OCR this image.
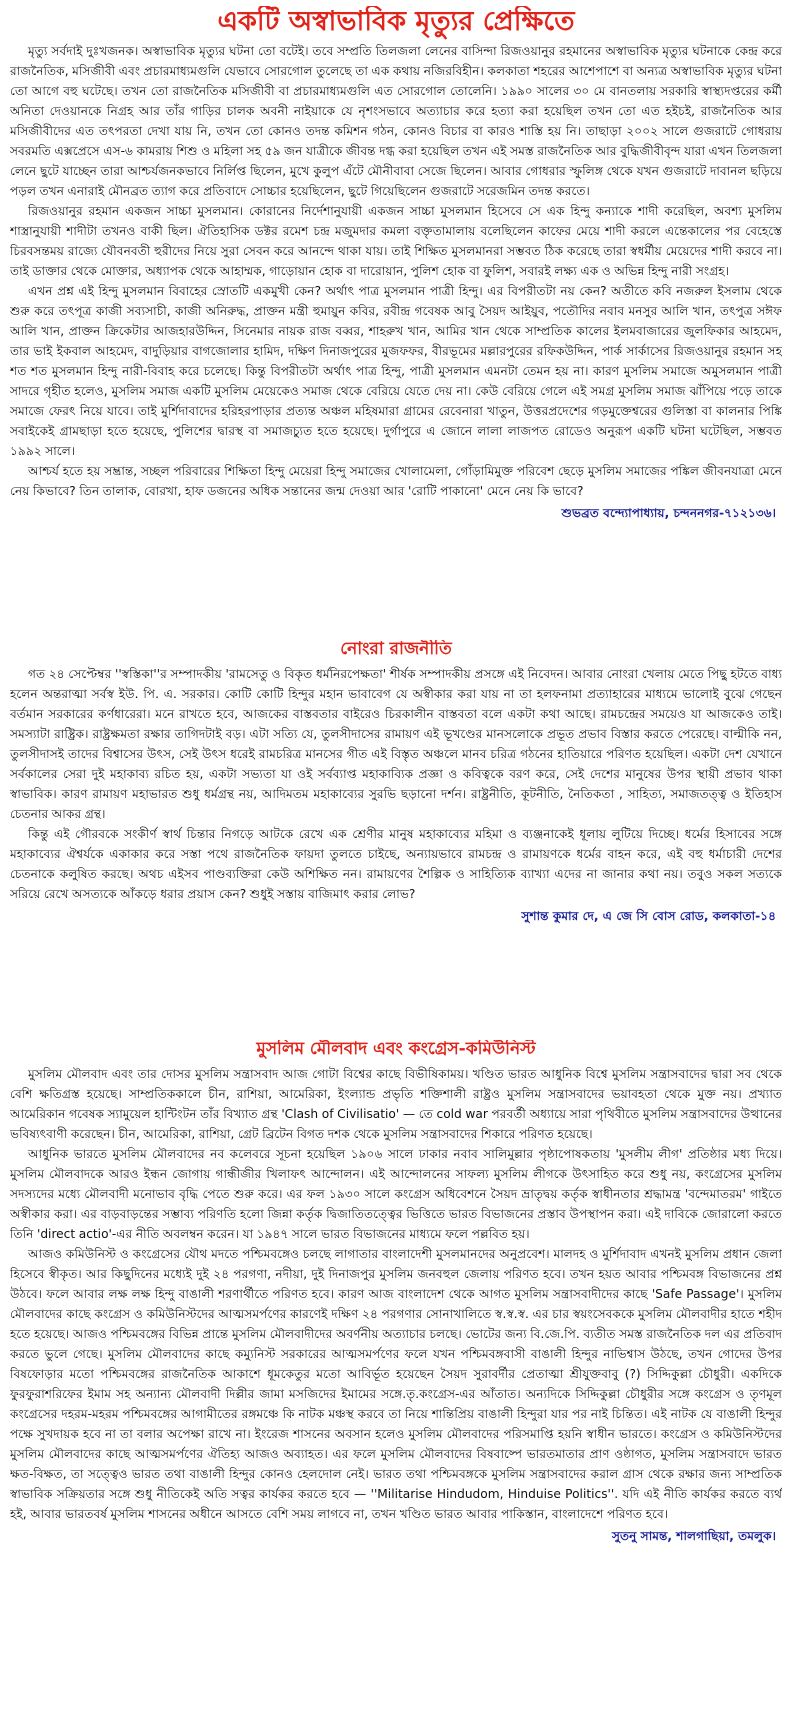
একটি অস্বাভাবিক মৃত্যুর প্রেক্ষিতে

মৃত্যু সর্বদাই দুঃখজনক। অস্বাভাবিক মৃত্যুর ঘটনা তো বটেই। তবে সম্প্রতি তিলজলা লেনের বাসিন্দা রিজওয়ানুর রহমানের অস্বাভাবিক মৃত্যুর ঘটনাকে কেন্দ্র করে রাজনৈতিক, মসিজীবী এবং প্রচারমাধ্যমগুলি যেভাবে সোরগোল তুলেছে তা এক কথায় নজিরবিহীন। কলকাতা শহরের আশেপাশে বা অন্যত্র অস্বাভাবিক মৃত্যুর ঘটনা তো আগে বহু ঘটেছে। তখন তো রাজনৈতিক মসিজীবী বা প্রচারমাধ্যমগুলি এত সোরগোল তোলেনি। ১৯৯০ সালের ৩০ মে বানতলায় সরকারি স্বাস্থ্যদপ্তরের কর্মী অনিতা দেওয়ানকে নিগ্রহ আর তাঁর গাড়ির চালক অবনী নাইয়াকে যে নৃশংসভাবে অত্যাচার করে হত্যা করা হয়েছিল তখন তো এত হইচই, রাজনৈতিক আর মসিজীবীদের এত তৎপরতা দেখা যায় নি, তখন তো কোনও তদন্ত কমিশন গঠন, কোনও বিচার বা কারও শাস্তি হয় নি। তাছাড়া ২০০২ সালে গুজরাটে গোধরায় সবরমতি এক্সপ্রেসে এস-৬ কামরায় শিশু ও মহিলা সহ ৫৯ জন যাত্রীকে জীবন্ত দগ্ধ করা হয়েছিল তখন এই সমস্ত রাজনৈতিক আর বুদ্ধিজীবীবৃন্দ যারা এখন তিলজলা লেনে ছুটে যাচ্ছেন তারা আশ্চর্যজনকভাবে নির্লিপ্ত ছিলেন, মুখে কুলুপ এঁটে মৌনীবাবা সেজে ছিলেন। আবার গোধরার স্ফুলিঙ্গ থেকে যখন গুজরাটে দাবানল ছড়িয়ে পড়ল তখন এনারাই মৌনব্রত ত্যাগ করে প্রতিবাদে সোচ্চার হয়েছিলেন, ছুটে গিয়েছিলেন গুজরাটে সরেজমিন তদন্ত করতে।

রিজওয়ানুর রহমান একজন সাচ্চা মুসলমান। কোরানের নির্দেশানুযায়ী একজন সাচ্চা মুসলমান হিসেবে সে এক হিন্দু কন্যাকে শাদী করেছিল, অবশ্য মুসলিম শাস্ত্রানুযায়ী শাদীটা তখনও বাকী ছিল। ঐতিহাসিক ডক্টর রমেশ চন্দ্র মজুমদার কমলা বক্তৃতামালায় বলেছিলেন কাফের মেয়ে শাদী করলে এন্তেকালের পর বেহেস্তে চিরবসন্তময় রাজ্যে যৌবনবতী হুরীদের নিয়ে সুরা সেবন করে আনন্দে থাকা যায়। তাই শিক্ষিত মুসলমানরা সম্ভবত ঠিক করেছে তারা স্বধর্মীয় মেয়েদের শাদী করবে না। তাই ডাক্তার থেকে মোক্তার, অধ্যাপক থেকে আহাম্মক, গাড়োয়ান হোক বা দারোয়ান, পুলিশ হোক বা ফুলিশ, সবারই লক্ষ্য এক ও অভিন্ন হিন্দু নারী সংগ্রহ।

এখন প্রশ্ন এই হিন্দু মুসলমান বিবাহের স্রোতটি একমুখী কেন? অর্থাৎ পাত্র মুসলমান পাত্রী হিন্দু। এর বিপরীতটা নয় কেন? অতীতে কবি নজরুল ইসলাম থেকে শুরু করে তৎপূত্র কাজী সব্যসাচী, কাজী অনিরুদ্ধ, প্রাক্তন মন্ত্রী হুমায়ুন কবির, রবীন্দ্র গবেষক আবু সৈয়দ আইয়ুব, পতৌদির নবাব মনসুর আলি খান, তৎপুত্র সঈফ আলি খান, প্রাক্তন ক্রিকেটার আজহারউদ্দিন, সিনেমার নায়ক রাজ বব্বর, শাহরুখ খান, আমির খান থেকে সাম্প্রতিক কালের ইলমবাজারের জুলফিকার আহমেদ, তার ভাই ইকবাল আহমেদ, বাদুড়িয়ার বাগজোলার হামিদ, দক্ষিণ দিনাজপুরের মুজফফর, বীরভূমের মল্লারপুরের রফিকউদ্দিন, পার্ক সার্কাসের রিজওয়ানুর রহমান সহ শত শত মুসলমান হিন্দু নারী-বিবাহ করে চলেছে। কিন্তু বিপরীতটা অর্থাৎ পাত্র হিন্দু, পাত্রী মুসলমান এমনটা তেমন হয় না। কারণ মুসলিম সমাজে অমুসলমান পাত্রী সাদরে গৃহীত হলেও, মুসলিম সমাজ একটি মুসলিম মেয়েকেও সমাজ থেকে বেরিয়ে যেতে দেয় না। কেউ বেরিয়ে গেলে এই সমগ্র মুসলিম সমাজ ঝাঁপিয়ে পড়ে তাকে সমাজে ফেরৎ নিয়ে যাবে। তাই মুর্শিদাবাদের হরিহরপাড়ার প্রত্যন্ত অঞ্চল মহিষমারা গ্রামের রেবেনারা খাতুন, উত্তরপ্রদেশের গড়মুক্তেশ্বরের গুলিস্তা বা কালনার পিঙ্কি সবাইকেই গ্রামছাড়া হতে হয়েছে, পুলিশের দ্বারস্থ বা সমাজচ্যুত হতে হয়েছে। দুর্গাপুরে এ জোনে লালা লাজপত রোডেও অনুরূপ একটি ঘটনা ঘটেছিল, সম্ভবত ১৯৯২ সালে।

আশ্চর্য হতে হয় সম্ভ্রান্ত, সচ্ছল পরিবারের শিক্ষিতা হিন্দু মেয়েরা হিন্দু সমাজের খোলামেলা, গোঁড়ামিমুক্ত পরিবেশ ছেড়ে মুসলিম সমাজের পঙ্কিল জীবনযাত্রা মেনে নেয় কিভাবে? তিন তালাক, বোরখা, হাফ ডজনের অধিক সন্তানের জন্ম দেওয়া আর 'রোটি পাকানো' মেনে নেয় কি ভাবে?

শুভব্রত বন্দ্যোপাধ্যায়, চন্দননগর-৭১২১৩৬।
নোংরা রাজনীতি

গত ২৪ সেপ্টেম্বর ''স্বস্তিকা''র সম্পাদকীয় 'রামসেতু ও বিকৃত ধর্মনিরপেক্ষতা' শীর্ষক সম্পাদকীয় প্রসঙ্গে এই নিবেদন। আবার নোংরা খেলায় মেতে পিছু হটতে বাধ্য হলেন অন্তরাত্মা সর্বস্ব ইউ. পি. এ. সরকার। কোটি কোটি হিন্দুর মহান ভাবাবেগ যে অস্বীকার করা যায় না তা হলফনামা প্রত্যাহারের মাধ্যমে ভালোই বুঝে গেছেন বর্তমান সরকারের কর্ণধারেরা। মনে রাখতে হবে, আজকের বাস্তবতার বাইরেও চিরকালীন বাস্তবতা বলে একটা কথা আছে। রামচন্দ্রের সময়েও যা আজকেও তাই। সমস্যাটা রাষ্ট্রিক। রাষ্ট্রক্ষমতা রক্ষার তাগিদটাই বড়। এটা সত্যি যে, তুলসীদাসের রামায়ণ এই ভূখণ্ডের মানসলোকে প্রভূত প্রভাব বিস্তার করতে পেরেছে। বাল্মীকি নন, তুলসীদাসই তাদের বিশ্বাসের উৎস, সেই উৎস ধরেই রামচরিত্র মানসের গীত এই বিস্তৃত অঞ্চলে মানব চরিত্র গঠনের হাতিয়ারে পরিণত হয়েছিল। একটা দেশ যেখানে সর্বকালের সেরা দুই মহাকাব্য রচিত হয়, একটা সভ্যতা যা ওই সর্বব্যাপ্ত মহাকাব্যিক প্রজ্ঞা ও কবিত্বকে বরণ করে, সেই দেশের মানুষের উপর স্থায়ী প্রভাব থাকা স্বাভাবিক। কারণ রামায়ণ মহাভারত শুধু ধর্মগ্রন্থ নয়, আদিমতম মহাকাব্যের সুরভি ছড়ানো দর্শন। রাষ্ট্রনীতি, কূটনীতি, নৈতিকতা , সাহিত্য, সমাজতত্ত্ব ও ইতিহাস চেতনার আকর গ্রন্থ।

কিন্তু এই গৌরবকে সংকীর্ণ স্বার্থ চিন্তার নিগড়ে আটকে রেখে এক শ্রেণীর মানুষ মহাকাব্যের মহিমা ও ব্যঞ্জনাকেই ধূলায় লুটিয়ে দিচ্ছে। ধর্মের হিসাবের সঙ্গে মহাকাব্যের ঐশ্বর্যকে একাকার করে সস্তা পথে রাজনৈতিক ফায়দা তুলতে চাইছে, অন্যায়ভাবে রামচন্দ্র ও রামায়ণকে ধর্মের বাহন করে, এই বহু ধর্মাচারী দেশের চেতনাকে কলুষিত করছে। অথচ এইসব পাণ্ডব্যক্তিরা কেউ অশিক্ষিত নন। রামায়ণের শৈল্পিক ও সাহিত্যিক ব্যাখ্যা এদের না জানার কথা নয়। তবুও সকল সত্যকে সরিয়ে রেখে অসত্যকে আঁকড়ে ধরার প্রয়াস কেন? শুধুই সস্তায় বাজিমাৎ করার লোভ?

সুশান্ত কুমার দে, এ জে সি বোস রোড, কলকাতা-১৪
মুসলিম মৌলবাদ এবং কংগ্রেস-কমিউনিস্ট

মুসলিম মৌলবাদ এবং তার দোসর মুসলিম সন্ত্রাসবাদ আজ গোটা বিশ্বের কাছে বিভীষিকাময়। খণ্ডিত ভারত আধুনিক বিশ্বে মুসলিম সন্ত্রাসবাদের দ্বারা সব থেকে বেশি ক্ষতিগ্রস্ত হয়েছে। সাম্প্রতিককালে চীন, রাশিয়া, আমেরিকা, ইংল্যান্ড প্রভৃতি শক্তিশালী রাষ্ট্রও মুসলিম সন্ত্রাসবাদের ভয়াবহতা থেকে মুক্ত নয়। প্রখ্যাত আমেরিকান গবেষক স্যামুয়েল হান্টিংটন তাঁর বিখ্যাত গ্রন্থ 'Clash of Civilisatio' — তে cold war পরবর্তী অধ্যায়ে সারা পৃথিবীতে মুসলিম সন্ত্রাসবাদের উত্থানের ভবিষ্যৎবাণী করেছেন। চীন, আমেরিকা, রাশিয়া, গ্রেট ব্রিটেন বিগত দশক থেকে মুসলিম সন্ত্রাসবাদের শিকারে পরিণত হয়েছে।

আধুনিক ভারতে মুসলিম মৌলবাদের নব কলেবরে সূচনা হয়েছিল ১৯০৬ সালে ঢাকার নবাব সালিমুল্লার পৃষ্ঠাপোষকতায় 'মুসলীম লীগ' প্রতিষ্ঠার মধ্য দিয়ে। মুসলিম মৌলবাদকে আরও ইন্ধন জোগায় গান্ধীজীর খিলাফৎ আন্দোলন। এই আন্দোলনের সাফল্য মুসলিম লীগকে উৎসাহিত করে শুধু নয়, কংগ্রেসের মুসলিম সদস্যদের মধ্যে মৌলবাদী মনোভাব বৃদ্ধি পেতে শুরু করে। এর ফল ১৯৩০ সালে কংগ্রেস অধিবেশনে সৈয়দ ভ্রাতৃদ্বয় কর্তৃক স্বাধীনতার শ্রদ্ধামন্ত্র 'বন্দেমাতরম' গাইতে অস্বীকার করা। এর বাড়বাড়ন্তের সম্ভাব্য পরিণতি হলো জিন্না কর্তৃক দ্বিজাতিতত্ত্বের ভিত্তিতে ভারত বিভাজনের প্রস্তাব উপস্থাপন করা। এই দাবিকে জোরালো করতে তিনি 'direct actio'-এর নীতি অবলম্বন করেন। যা ১৯৪৭ সালে ভারত বিভাজনের মাধ্যমে ফলে পল্লবিত হয়।

আজও কমিউনিস্ট ও কংগ্রেসের যৌথ মদতে পশ্চিমবঙ্গেও চলছে লাগাতার বাংলাদেশী মুসলমানদের অনুপ্রবেশ। মালদহ ও মুর্শিদাবাদ এখনই মুসলিম প্রধান জেলা হিসেবে স্বীকৃত। আর কিছুদিনের মধ্যেই দুই ২৪ পরগণা, নদীয়া, দুই দিনাজপুর মুসলিম জনবহুল জেলায় পরিণত হবে। তখন হয়ত আবার পশ্চিমবঙ্গ বিভাজনের প্রশ্ন উঠবে। ফলে আবার লক্ষ লক্ষ হিন্দু বাঙালী শরণার্থীতে পরিণত হবে। কারণ আজ বাংলাদেশ থেকে আগত মুসলিম সন্ত্রাসবাদীদের কাছে 'Safe Passage'। মুসলিম মৌলবাদের কাছে কংগ্রেস ও কমিউনিস্টদের আত্মসমর্পণের কারণেই দক্ষিণ ২৪ পরগণার সোনাখালিতে স্ব.স্ব.স্ব. এর চার স্বয়ংসেবককে মুসলিম মৌলবাদীর হাতে শহীদ হতে হয়েছে। আজও পশ্চিমবঙ্গের বিভিন্ন প্রান্তে মুসলিম মৌলবাদীদের অবর্ণনীয় অত্যাচার চলছে। ভোটের জন্য বি.জে.পি. ব্যতীত সমস্ত রাজনৈতিক দল এর প্রতিবাদ করতে ভুলে গেছে। মুসলিম মৌলবাদের কাছে কম্যুনিস্ট সরকারের আত্মসমর্পণের ফলে যখন পশ্চিমবঙ্গবাসী বাঙালী হিন্দুর নাভিশ্বাস উঠছে, তখন গোদের উপর বিষফোড়ার মতো পশ্চিমবঙ্গের রাজনৈতিক আকাশে ধূমকেতুর মতো আবির্ভূত হয়েছেন সৈয়দ সুরাবর্দীর প্রেতাত্মা শ্রীযুক্তবাবু (?) সিদ্দিকুল্লা চৌধুরী। একদিকে ফুরফুরাশরিফের ইমাম সহ অন্যান্য মৌলবাদী দিল্লীর জামা মসজিদের ইমামের সঙ্গে.তৃ.কংগ্রেস-এর আঁতাত। অন্যদিকে সিদ্দিকুল্লা চৌধুরীর সঙ্গে কংগ্রেস ও তৃণমূল কংগ্রেসের দহরম-মহরম পশ্চিমবঙ্গের আগামীতের রঙ্গমঞ্চে কি নাটক মঞ্চস্থ করবে তা নিয়ে শান্তিপ্রিয় বাঙালী হিন্দুরা যার পর নাই চিন্তিত। এই নাটক যে বাঙালী হিন্দুর পক্ষে সুখদায়ক হবে না তা বলার অপেক্ষা রাখে না। ইংরেজ শাসনের অবসান হলেও মুসলিম মৌলবাদের পরিসমাপ্তি হয়নি স্বাধীন ভারতে। কংগ্রেস ও কমিউনিস্টদের মুসলিম মৌলবাদের কাছে আত্মসমর্পণের ঐতিহ্য আজও অব্যাহত। এর ফলে মুসলিম মৌলবাদের বিষবাষ্পে ভারতমাতার প্রাণ ওষ্ঠাগত, মুসলিম সন্ত্রাসবাদে ভারত ক্ষত-বিক্ষত, তা সত্ত্বেও ভারত তথা বাঙালী হিন্দুর কোনও হেলদোল নেই। ভারত তথা পশ্চিমবঙ্গকে মুসলিম সন্ত্রাসবাদের করাল গ্রাস থেকে রক্ষার জন্য সাম্প্রতিক স্বাভাবিক সক্রিয়তার সঙ্গে শুধু নীতিকেই অতি সত্বর কার্যকর করতে হবে — ''Militarise Hindudom, Hinduise Politics''. যদি এই নীতি কার্যকর করতে ব্যর্থ হই, আবার ভারতবর্ষ মুসলিম শাসনের অধীনে আসতে বেশি সময় লাগবে না, তখন খণ্ডিত ভারত আবার পাকিস্তান, বাংলাদেশে পরিণত হবে।

সুতনু সামন্ত, শালগাছিয়া, তমলুক।
